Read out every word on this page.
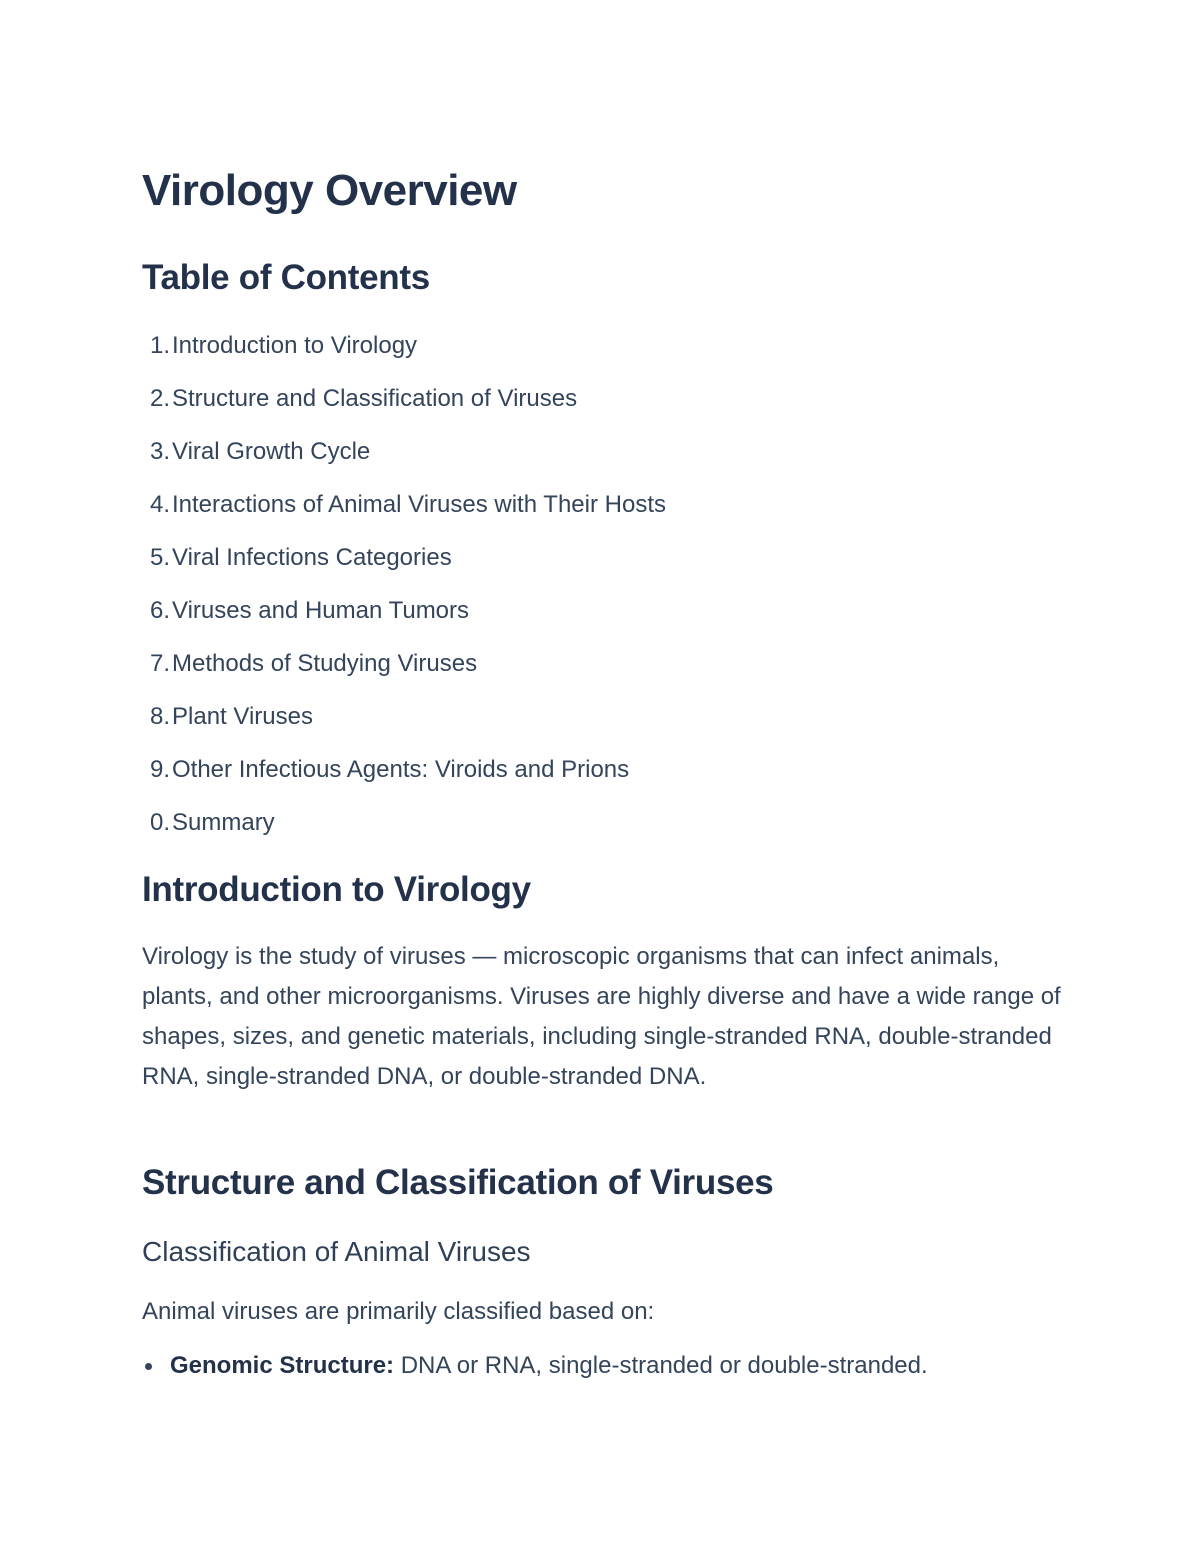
Virology Overview
Table of Contents
1.Introduction to Virology
2.Structure and Classification of Viruses
3.Viral Growth Cycle
4.Interactions of Animal Viruses with Their Hosts
5.Viral Infections Categories
6.Viruses and Human Tumors
7.Methods of Studying Viruses
8.Plant Viruses
9.Other Infectious Agents: Viroids and Prions
0.Summary
Introduction to Virology

Virology is the study of viruses — microscopic organisms that can infect animals, plants, and other microorganisms. Viruses are highly diverse and have a wide range of shapes, sizes, and genetic materials, including single-stranded RNA, double-stranded RNA, single-stranded DNA, or double-stranded DNA.

Structure and Classification of Viruses
Classification of Animal Viruses

Animal viruses are primarily classified based on:

Genomic Structure: DNA or RNA, single-stranded or double-stranded.
